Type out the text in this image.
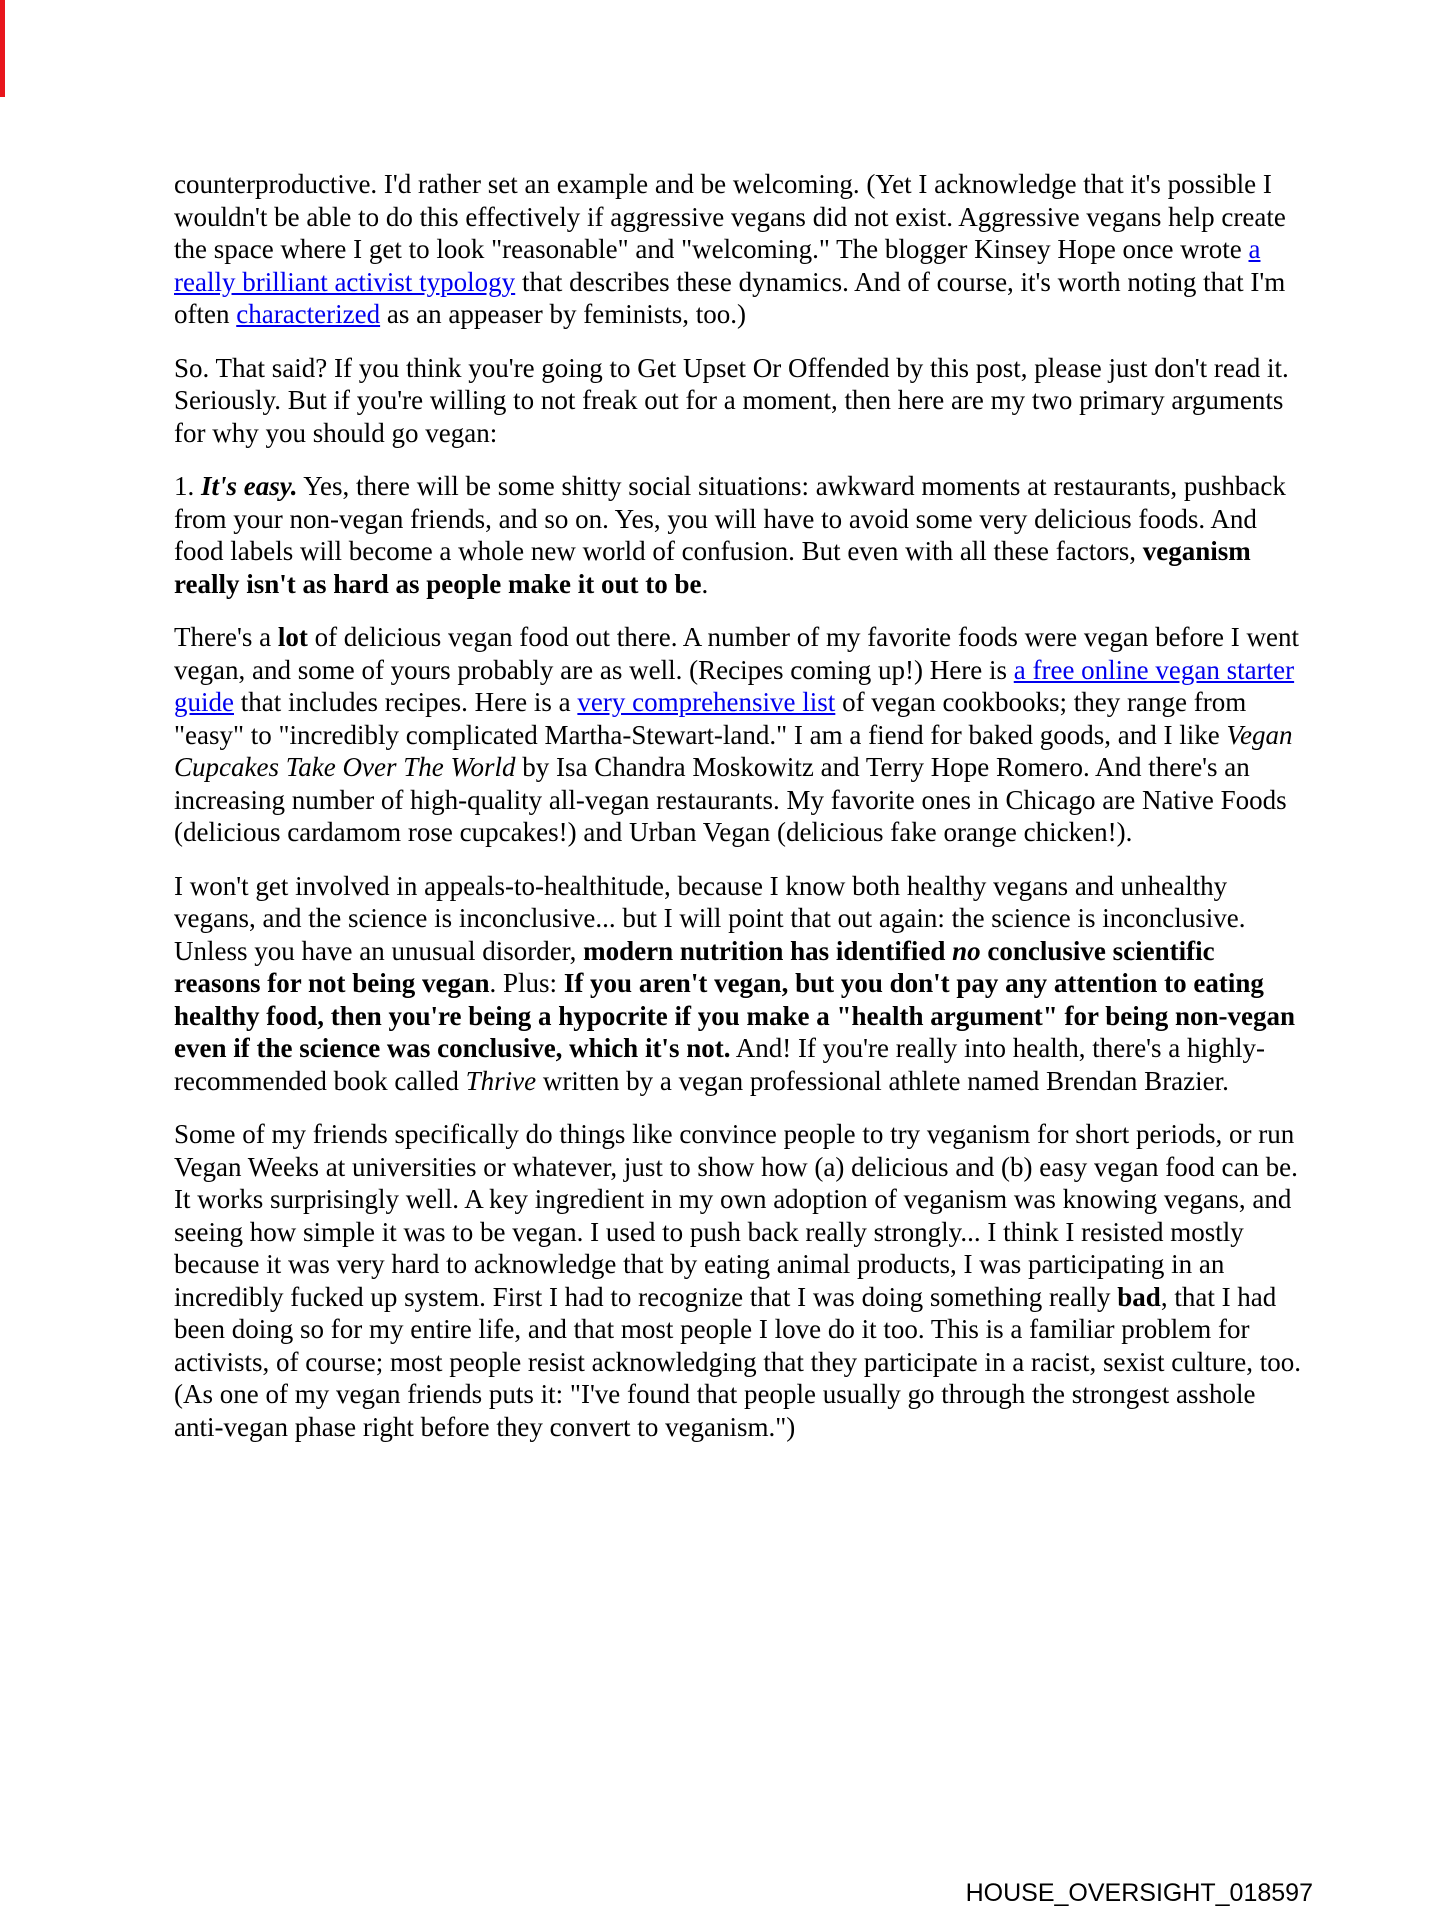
counterproductive. I'd rather set an example and be welcoming. (Yet I acknowledge that it's possible I wouldn't be able to do this effectively if aggressive vegans did not exist. Aggressive vegans help create the space where I get to look "reasonable" and "welcoming." The blogger Kinsey Hope once wrote a really brilliant activist typology that describes these dynamics. And of course, it's worth noting that I'm often characterized as an appeaser by feminists, too.)

So. That said? If you think you're going to Get Upset Or Offended by this post, please just don't read it. Seriously. But if you're willing to not freak out for a moment, then here are my two primary arguments for why you should go vegan:

1. It's easy. Yes, there will be some shitty social situations: awkward moments at restaurants, pushback from your non-vegan friends, and so on. Yes, you will have to avoid some very delicious foods. And food labels will become a whole new world of confusion. But even with all these factors, veganism really isn't as hard as people make it out to be.

There's a lot of delicious vegan food out there. A number of my favorite foods were vegan before I went vegan, and some of yours probably are as well. (Recipes coming up!) Here is a free online vegan starter guide that includes recipes. Here is a very comprehensive list of vegan cookbooks; they range from "easy" to "incredibly complicated Martha-Stewart-land." I am a fiend for baked goods, and I like Vegan Cupcakes Take Over The World by Isa Chandra Moskowitz and Terry Hope Romero. And there's an increasing number of high-quality all-vegan restaurants. My favorite ones in Chicago are Native Foods (delicious cardamom rose cupcakes!) and Urban Vegan (delicious fake orange chicken!).

I won't get involved in appeals-to-healthitude, because I know both healthy vegans and unhealthy vegans, and the science is inconclusive... but I will point that out again: the science is inconclusive. Unless you have an unusual disorder, modern nutrition has identified no conclusive scientific reasons for not being vegan. Plus: If you aren't vegan, but you don't pay any attention to eating healthy food, then you're being a hypocrite if you make a "health argument" for being non-vegan even if the science was conclusive, which it's not. And! If you're really into health, there's a highly-recommended book called Thrive written by a vegan professional athlete named Brendan Brazier.

Some of my friends specifically do things like convince people to try veganism for short periods, or run Vegan Weeks at universities or whatever, just to show how (a) delicious and (b) easy vegan food can be. It works surprisingly well. A key ingredient in my own adoption of veganism was knowing vegans, and seeing how simple it was to be vegan. I used to push back really strongly... I think I resisted mostly because it was very hard to acknowledge that by eating animal products, I was participating in an incredibly fucked up system. First I had to recognize that I was doing something really bad, that I had been doing so for my entire life, and that most people I love do it too. This is a familiar problem for activists, of course; most people resist acknowledging that they participate in a racist, sexist culture, too. (As one of my vegan friends puts it: "I've found that people usually go through the strongest asshole anti-vegan phase right before they convert to veganism.")

HOUSE_OVERSIGHT_018597
